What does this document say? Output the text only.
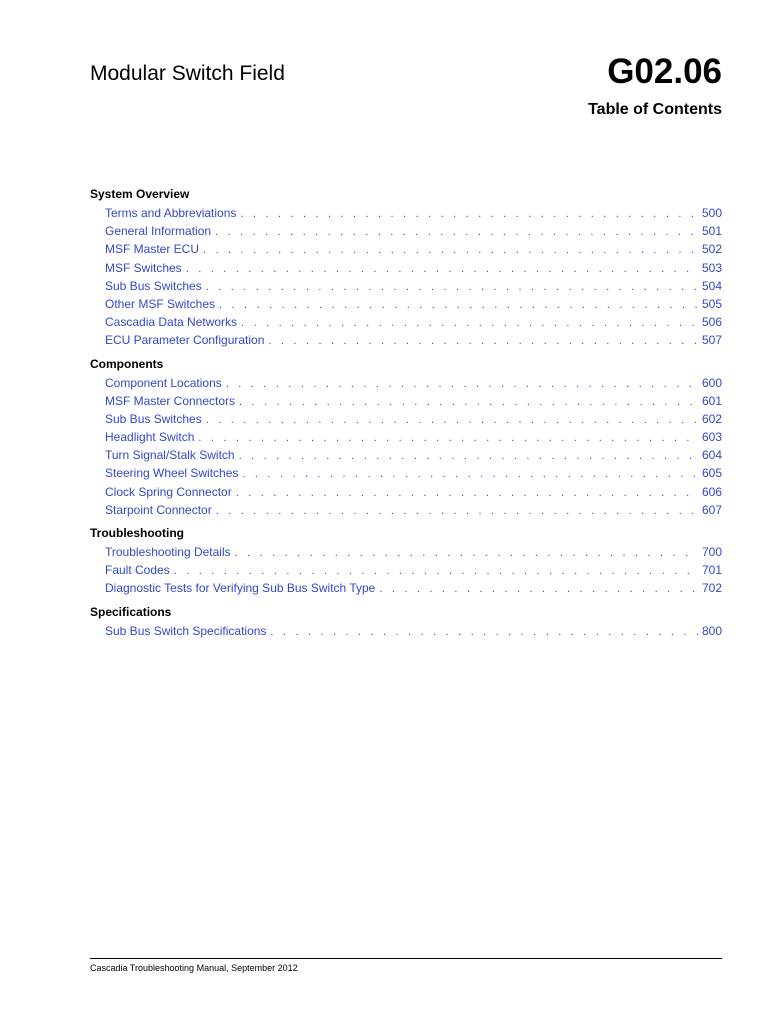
Modular Switch Field	G02.06
Table of Contents
System Overview
Terms and Abbreviations . . .	500
General Information . . .	501
MSF Master ECU . . .	502
MSF Switches . . .	503
Sub Bus Switches . . .	504
Other MSF Switches . . .	505
Cascadia Data Networks . . .	506
ECU Parameter Configuration . . .	507
Components
Component Locations . . .	600
MSF Master Connectors . . .	601
Sub Bus Switches . . .	602
Headlight Switch . . .	603
Turn Signal/Stalk Switch . . .	604
Steering Wheel Switches . . .	605
Clock Spring Connector . . .	606
Starpoint Connector . . .	607
Troubleshooting
Troubleshooting Details . . .	700
Fault Codes . . .	701
Diagnostic Tests for Verifying Sub Bus Switch Type . . .	702
Specifications
Sub Bus Switch Specifications . . .	800
Cascadia Troubleshooting Manual, September 2012
